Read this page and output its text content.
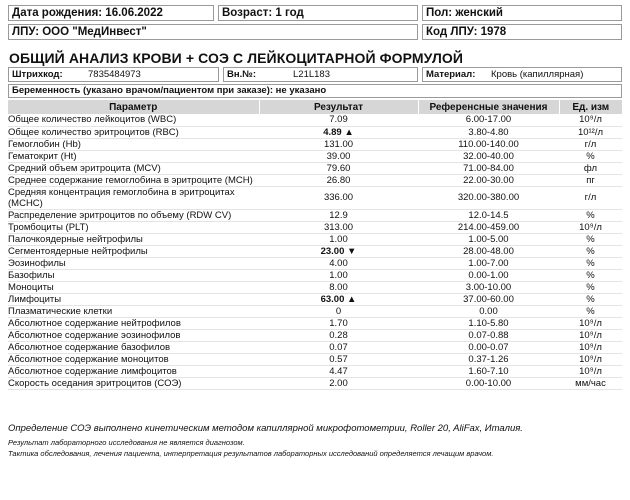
Дата рождения: 16.06.2022	Возраст: 1 год	Пол: женский
ЛПУ: ООО "МедИнвест"	Код ЛПУ: 1978
ОБЩИЙ АНАЛИЗ КРОВИ + СОЭ С ЛЕЙКОЦИТАРНОЙ ФОРМУЛОЙ
Штрихкод:	7835484973	Вн.№:	L21L183	Материал:	Кровь (капиллярная)
Беременность (указано врачом/пациентом при заказе): не указано
Параметр	Результат	Референсные значения	Ед. изм
Общее количество лейкоцитов (WBC)	7.09	6.00-17.00	10⁹/л
Общее количество эритроцитов (RBC)	4.89 ▲	3.80-4.80	10¹²/л
Гемоглобин (Hb)	131.00	110.00-140.00	г/л
Гематокрит (Ht)	39.00	32.00-40.00	%
Средний объем эритроцита (MCV)	79.60	71.00-84.00	фл
Среднее содержание гемоглобина в эритроците (MCH)	26.80	22.00-30.00	пг
Средняя концентрация гемоглобина в эритроцитах (МСНС)	336.00	320.00-380.00	г/л
Распределение эритроцитов по объему (RDW CV)	12.9	12.0-14.5	%
Тромбоциты (PLT)	313.00	214.00-459.00	10⁹/л
Палочкоядерные нейтрофилы	1.00	1.00-5.00	%
Сегментоядерные нейтрофилы	23.00 ▼	28.00-48.00	%
Эозинофилы	4.00	1.00-7.00	%
Базофилы	1.00	0.00-1.00	%
Моноциты	8.00	3.00-10.00	%
Лимфоциты	63.00 ▲	37.00-60.00	%
Плазматические клетки	0	0.00	%
Абсолютное содержание нейтрофилов	1.70	1.10-5.80	10⁹/л
Абсолютное содержание эозинофилов	0.28	0.07-0.88	10⁹/л
Абсолютное содержание базофилов	0.07	0.00-0.07	10⁹/л
Абсолютное содержание моноцитов	0.57	0.37-1.26	10⁹/л
Абсолютное содержание лимфоцитов	4.47	1.60-7.10	10⁹/л
Скорость оседания эритроцитов (СОЭ)	2.00	0.00-10.00	мм/час
Определение СОЭ выполнено кинетическим методом капиллярной микрофотометрии, Roller 20, AliFax, Италия.
Результат лабораторного исследования не является диагнозом.
Тактика обследования, лечения пациента, интерпретация результатов лабораторных исследований определяется лечащим врачом.
